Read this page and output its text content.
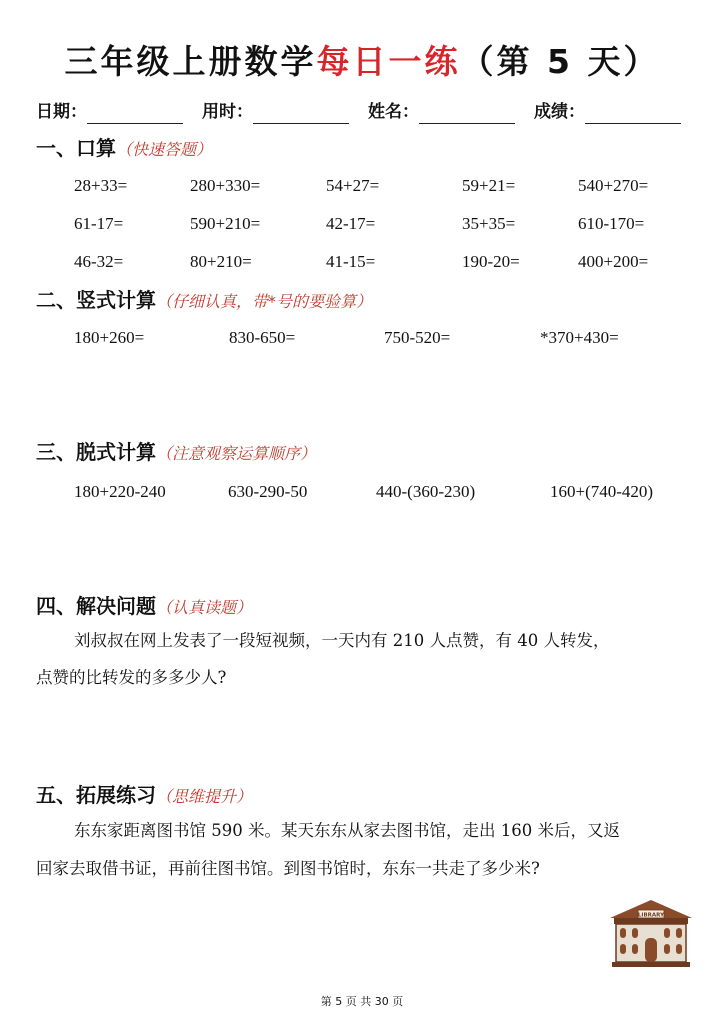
三年级上册数学每日一练（第 5 天）
日期：	用时：	姓名：	成绩：
一、口算（快速答题）
28+33=	280+330=	54+27=	59+21=	540+270=
61-17=	590+210=	42-17=	35+35=	610-170=
46-32=	80+210=	41-15=	190-20=	400+200=
二、竖式计算（仔细认真，带*号的要验算）
180+260=	830-650=	750-520=	*370+430=
三、脱式计算（注意观察运算顺序）
180+220-240	630-290-50	440-(360-230)	160+(740-420)
四、解决问题（认真读题）
刘叔叔在网上发表了一段短视频，一天内有 210 人点赞，有 40 人转发，
点赞的比转发的多多少人?
五、拓展练习（思维提升）
东东家距离图书馆 590 米。某天东东从家去图书馆，走出 160 米后，又返
回家去取借书证，再前往图书馆。到图书馆时，东东一共走了多少米?
LIBRARY
第 5 页 共 30 页
